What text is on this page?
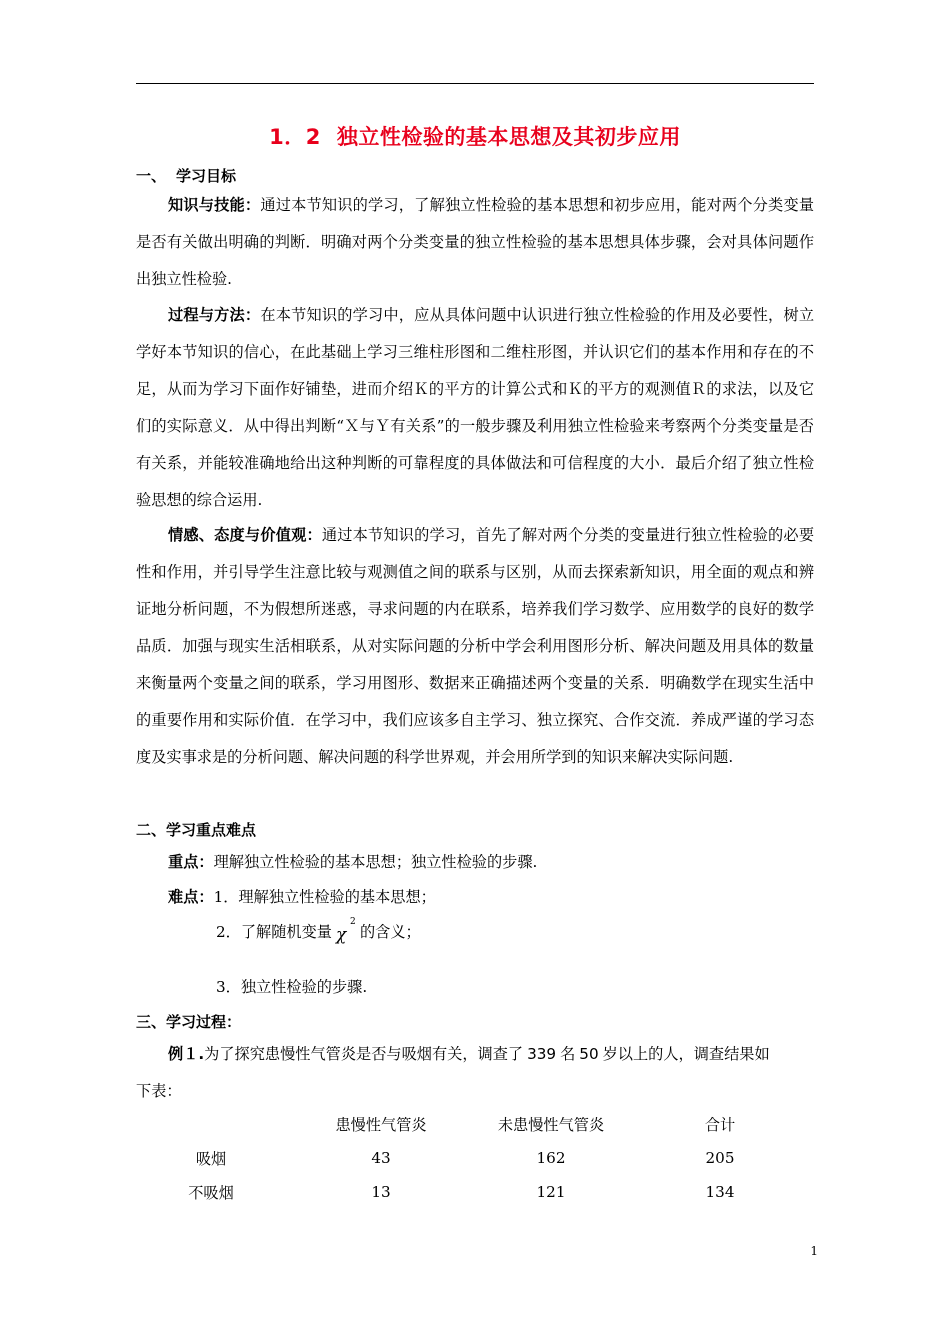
1．2 独立性检验的基本思想及其初步应用
一、 学习目标
知识与技能：通过本节知识的学习，了解独立性检验的基本思想和初步应用，能对两个分类变量是否有关做出明确的判断．明确对两个分类变量的独立性检验的基本思想具体步骤，会对具体问题作出独立性检验.
过程与方法：在本节知识的学习中，应从具体问题中认识进行独立性检验的作用及必要性，树立学好本节知识的信心，在此基础上学习三维柱形图和二维柱形图，并认识它们的基本作用和存在的不足，从而为学习下面作好铺垫，进而介绍Ｋ的平方的计算公式和Ｋ的平方的观测值Ｒ的求法，以及它们的实际意义．从中得出判断“Ｘ与Ｙ有关系”的一般步骤及利用独立性检验来考察两个分类变量是否有关系，并能较准确地给出这种判断的可靠程度的具体做法和可信程度的大小．最后介绍了独立性检验思想的综合运用.
情感、态度与价值观：通过本节知识的学习，首先了解对两个分类的变量进行独立性检验的必要性和作用，并引导学生注意比较与观测值之间的联系与区别，从而去探索新知识，用全面的观点和辨证地分析问题，不为假想所迷惑，寻求问题的内在联系，培养我们学习数学、应用数学的良好的数学品质．加强与现实生活相联系，从对实际问题的分析中学会利用图形分析、解决问题及用具体的数量来衡量两个变量之间的联系，学习用图形、数据来正确描述两个变量的关系．明确数学在现实生活中的重要作用和实际价值．在学习中，我们应该多自主学习、独立探究、合作交流．养成严谨的学习态度及实事求是的分析问题、解决问题的科学世界观，并会用所学到的知识来解决实际问题.
二、学习重点难点
重点：理解独立性检验的基本思想；独立性检验的步骤.
难点：1．理解独立性检验的基本思想；
2．了解随机变量 χ
2
的含义；
3．独立性检验的步骤.
三、学习过程：
例１.为了探究患慢性气管炎是否与吸烟有关，调查了 339 名 50 岁以上的人，调查结果如
下表：
	患慢性气管炎	未患慢性气管炎	合计
吸烟	43	162	205
不吸烟	13	121	134
1
